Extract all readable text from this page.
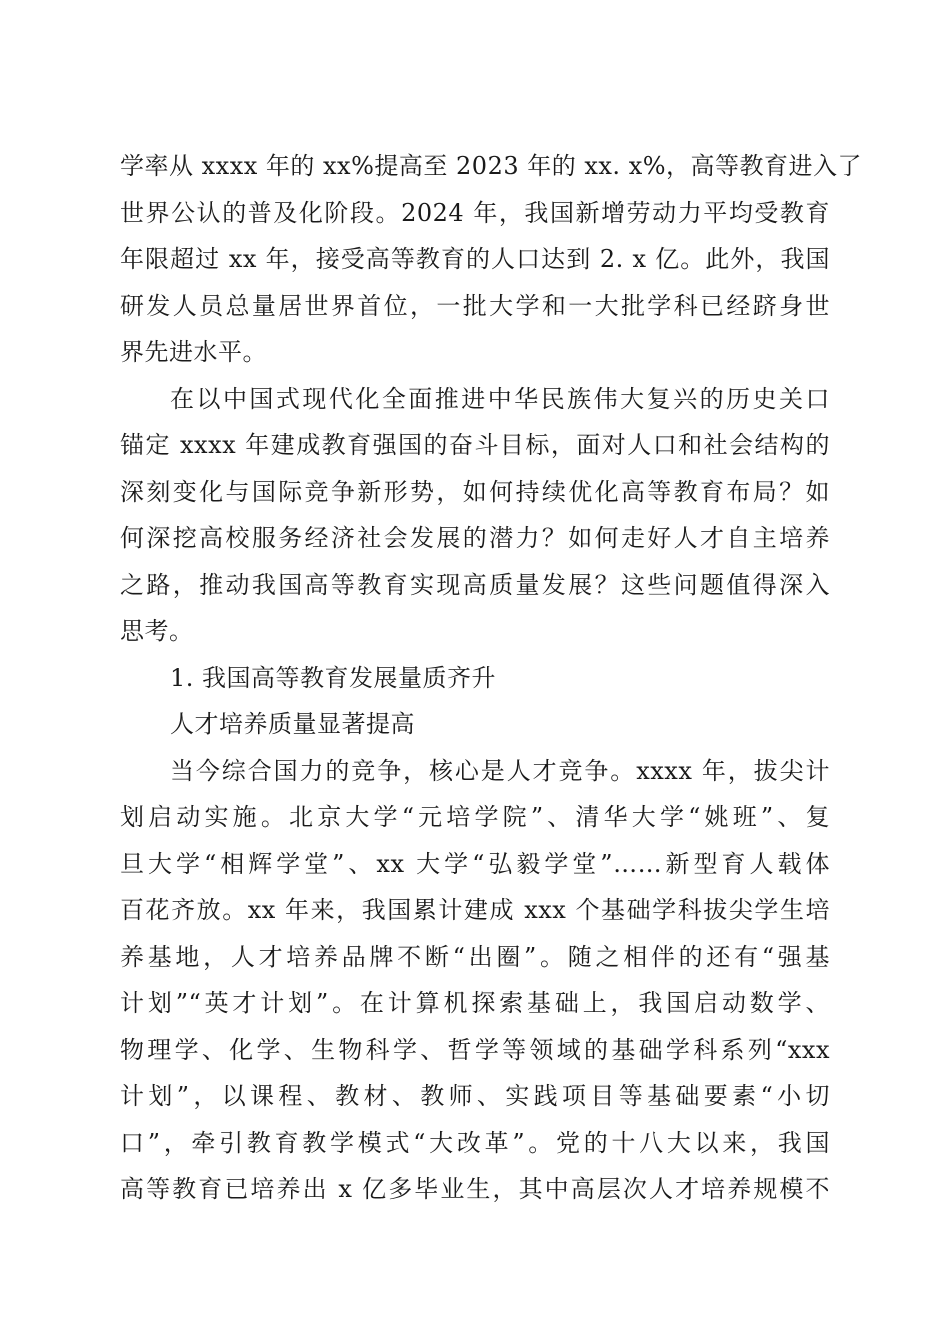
学率从 xxxx 年的 xx%提高至 2023 年的 xx. x%，高等教育进入了
世界公认的普及化阶段。2024 年，我国新增劳动力平均受教育
年限超过 xx 年，接受高等教育的人口达到 2. x 亿。此外，我国
研发人员总量居世界首位，一批大学和一大批学科已经跻身世
界先进水平。
在以中国式现代化全面推进中华民族伟大复兴的历史关口
锚定 xxxx 年建成教育强国的奋斗目标，面对人口和社会结构的
深刻变化与国际竞争新形势，如何持续优化高等教育布局？如
何深挖高校服务经济社会发展的潜力？如何走好人才自主培养
之路，推动我国高等教育实现高质量发展？这些问题值得深入
思考。
1. 我国高等教育发展量质齐升
人才培养质量显著提高
当今综合国力的竞争，核心是人才竞争。xxxx 年，拔尖计
划启动实施。北京大学“元培学院”、清华大学“姚班”、复
旦大学“相辉学堂”、xx 大学“弘毅学堂”……新型育人载体
百花齐放。xx 年来，我国累计建成 xxx 个基础学科拔尖学生培
养基地，人才培养品牌不断“出圈”。随之相伴的还有“强基
计划”“英才计划”。在计算机探索基础上，我国启动数学、
物理学、化学、生物科学、哲学等领域的基础学科系列“xxx
计划”，以课程、教材、教师、实践项目等基础要素“小切
口”，牵引教育教学模式“大改革”。党的十八大以来，我国
高等教育已培养出 x 亿多毕业生，其中高层次人才培养规模不
